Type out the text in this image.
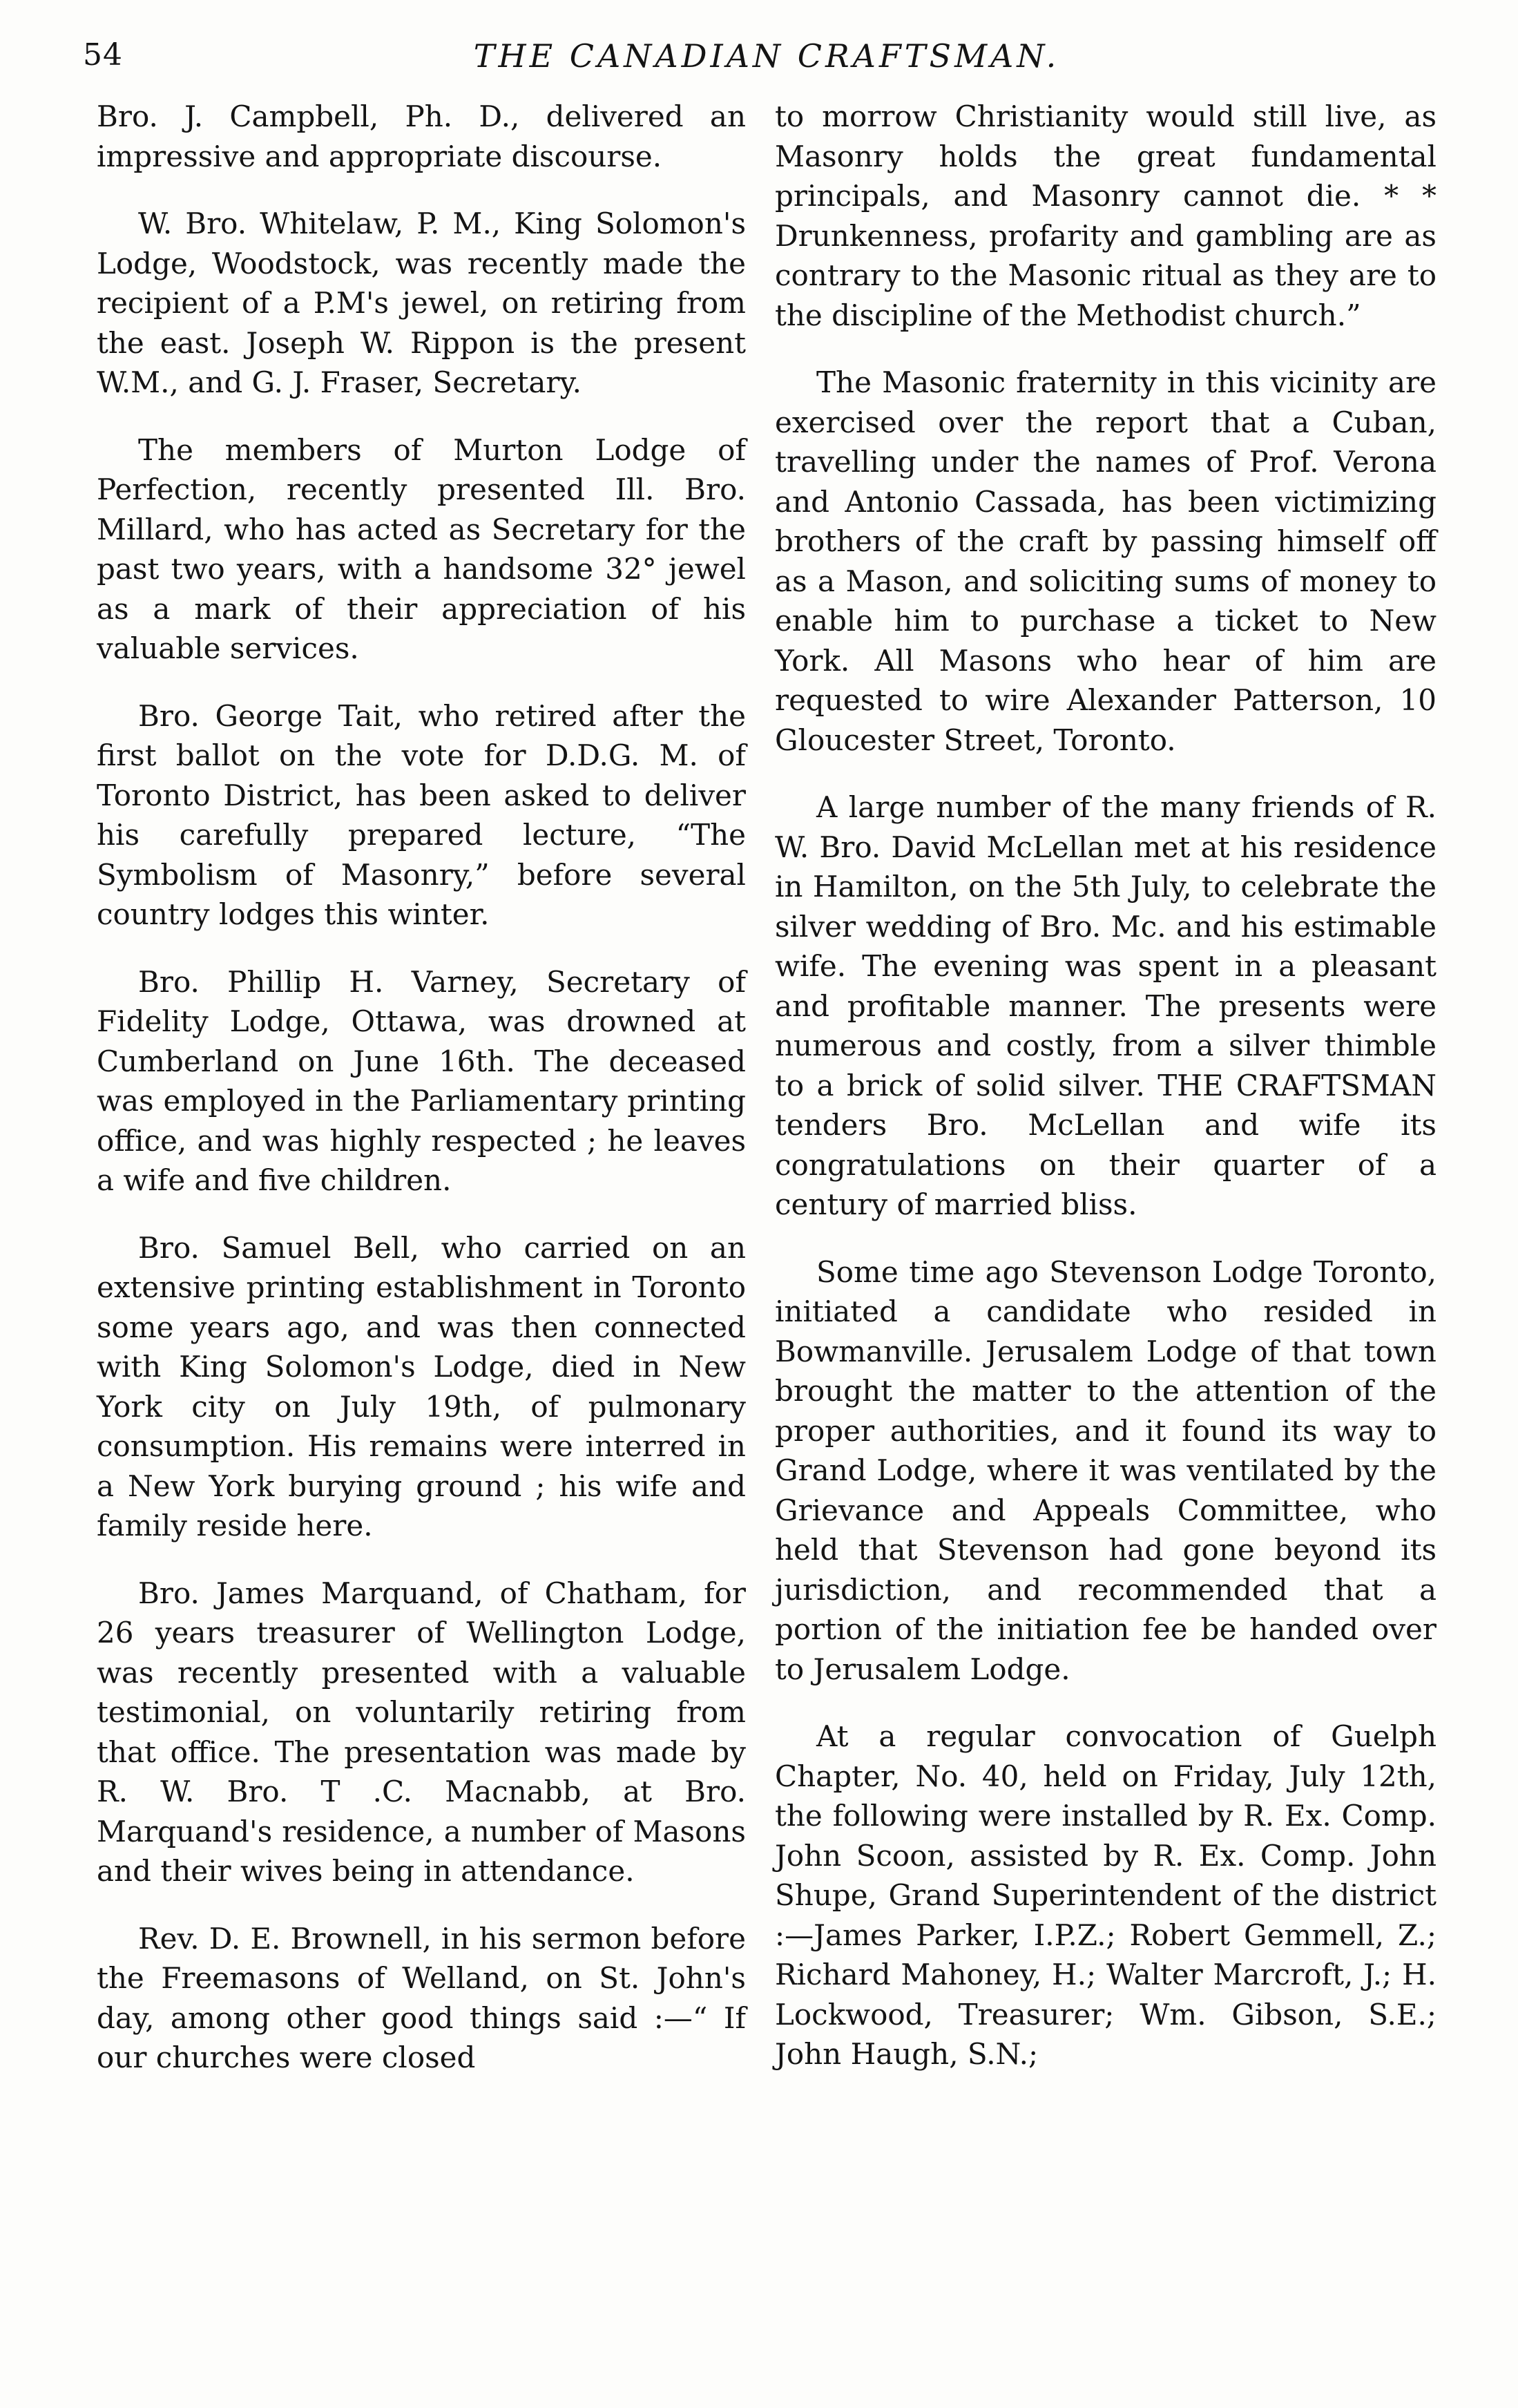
54	THE CANADIAN CRAFTSMAN.

Bro. J. Campbell, Ph. D., delivered an impressive and appropriate discourse.

W. Bro. Whitelaw, P. M., King Solomon's Lodge, Woodstock, was recently made the recipient of a P.M's jewel, on retiring from the east. Joseph W. Rippon is the present W.M., and G. J. Fraser, Secretary.

The members of Murton Lodge of Perfection, recently presented Ill. Bro. Millard, who has acted as Secretary for the past two years, with a handsome 32° jewel as a mark of their appreciation of his valuable services.

Bro. George Tait, who retired after the first ballot on the vote for D.D.G. M. of Toronto District, has been asked to deliver his carefully prepared lecture, “The Symbolism of Masonry,” before several country lodges this winter.

Bro. Phillip H. Varney, Secretary of Fidelity Lodge, Ottawa, was drowned at Cumberland on June 16th. The deceased was employed in the Parliamentary printing office, and was highly respected ; he leaves a wife and five children.

Bro. Samuel Bell, who carried on an extensive printing establishment in Toronto some years ago, and was then connected with King Solomon's Lodge, died in New York city on July 19th, of pulmonary consumption. His remains were interred in a New York burying ground ; his wife and family reside here.

Bro. James Marquand, of Chatham, for 26 years treasurer of Wellington Lodge, was recently presented with a valuable testimonial, on voluntarily retiring from that office. The presentation was made by R. W. Bro. T .C. Macnabb, at Bro. Marquand's residence, a number of Masons and their wives being in attendance.

Rev. D. E. Brownell, in his sermon before the Freemasons of Welland, on St. John's day, among other good things said :—“ If our churches were closed

to morrow Christianity would still live, as Masonry holds the great fundamental principals, and Masonry cannot die. * * Drunkenness, profarity and gambling are as contrary to the Masonic ritual as they are to the discipline of the Methodist church.”

The Masonic fraternity in this vicinity are exercised over the report that a Cuban, travelling under the names of Prof. Verona and Antonio Cassada, has been victimizing brothers of the craft by passing himself off as a Mason, and soliciting sums of money to enable him to purchase a ticket to New York. All Masons who hear of him are requested to wire Alexander Patterson, 10 Gloucester Street, Toronto.

A large number of the many friends of R. W. Bro. David McLellan met at his residence in Hamilton, on the 5th July, to celebrate the silver wedding of Bro. Mc. and his estimable wife. The evening was spent in a pleasant and profitable manner. The presents were numerous and costly, from a silver thimble to a brick of solid silver. THE CRAFTSMAN tenders Bro. McLellan and wife its congratulations on their quarter of a century of married bliss.

Some time ago Stevenson Lodge Toronto, initiated a candidate who resided in Bowmanville. Jerusalem Lodge of that town brought the matter to the attention of the proper authorities, and it found its way to Grand Lodge, where it was ventilated by the Grievance and Appeals Committee, who held that Stevenson had gone beyond its jurisdiction, and recommended that a portion of the initiation fee be handed over to Jerusalem Lodge.

At a regular convocation of Guelph Chapter, No. 40, held on Friday, July 12th, the following were installed by R. Ex. Comp. John Scoon, assisted by R. Ex. Comp. John Shupe, Grand Superintendent of the district :—James Parker, I.P.Z.; Robert Gemmell, Z.; Richard Mahoney, H.; Walter Marcroft, J.; H. Lockwood, Treasurer; Wm. Gibson, S.E.; John Haugh, S.N.;
